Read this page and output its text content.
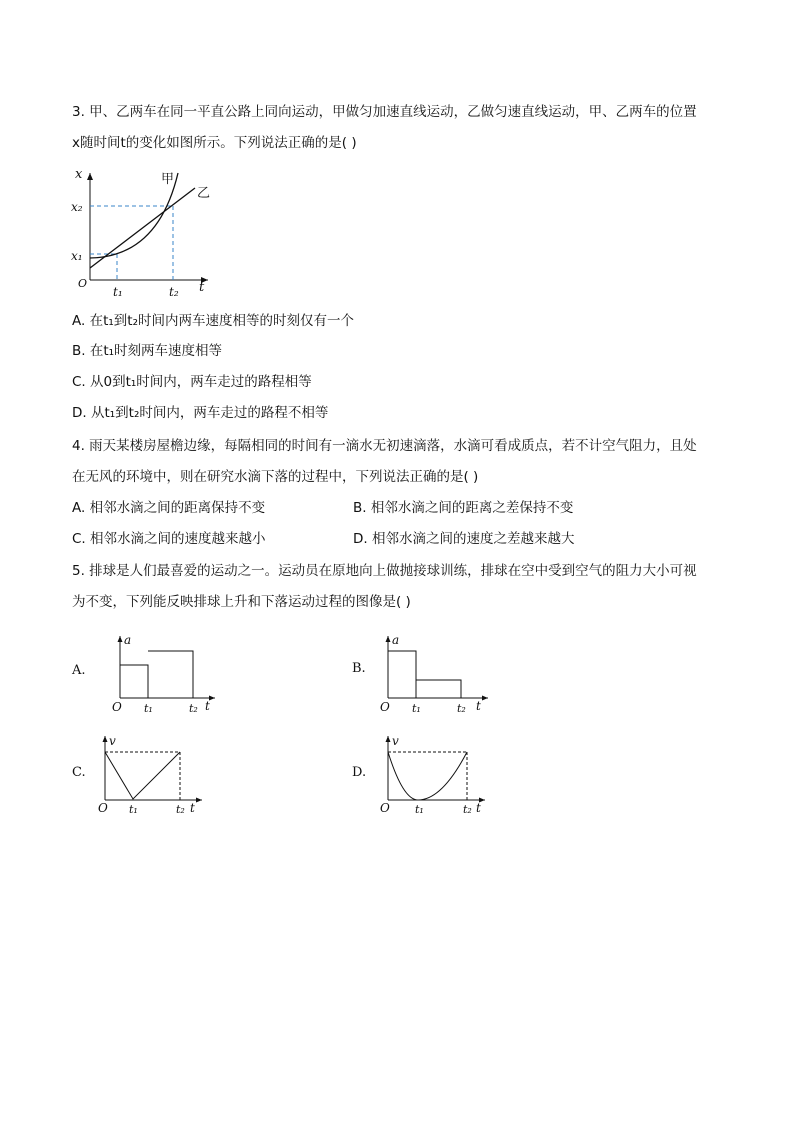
3. 甲、乙两车在同一平直公路上同向运动，甲做匀加速直线运动，乙做匀速直线运动，甲、乙两车的位置
x随时间t的变化如图所示。下列说法正确的是( )
x	甲
乙
x₂
x₁
O
t₁	t₂ t
A. 在t₁到t₂时间内两车速度相等的时刻仅有一个
B. 在t₁时刻两车速度相等
C. 从0到t₁时间内，两车走过的路程相等
D. 从t₁到t₂时间内，两车走过的路程不相等
4. 雨天某楼房屋檐边缘，每隔相同的时间有一滴水无初速滴落，水滴可看成质点，若不计空气阻力，且处
在无风的环境中，则在研究水滴下落的过程中，下列说法正确的是( )
A. 相邻水滴之间的距离保持不变	B. 相邻水滴之间的距离之差保持不变
C. 相邻水滴之间的速度越来越小	D. 相邻水滴之间的速度之差越来越大
5. 排球是人们最喜爱的运动之一。运动员在原地向上做抛接球训练，排球在空中受到空气的阻力大小可视
为不变，下列能反映排球上升和下落运动过程的图像是( )
A.
a
O t₁	t₂ t
B.
a
O t₁	t₂ t
C.
v
O t₁	t₂ t
D.
v
O t₁	t₂ t
